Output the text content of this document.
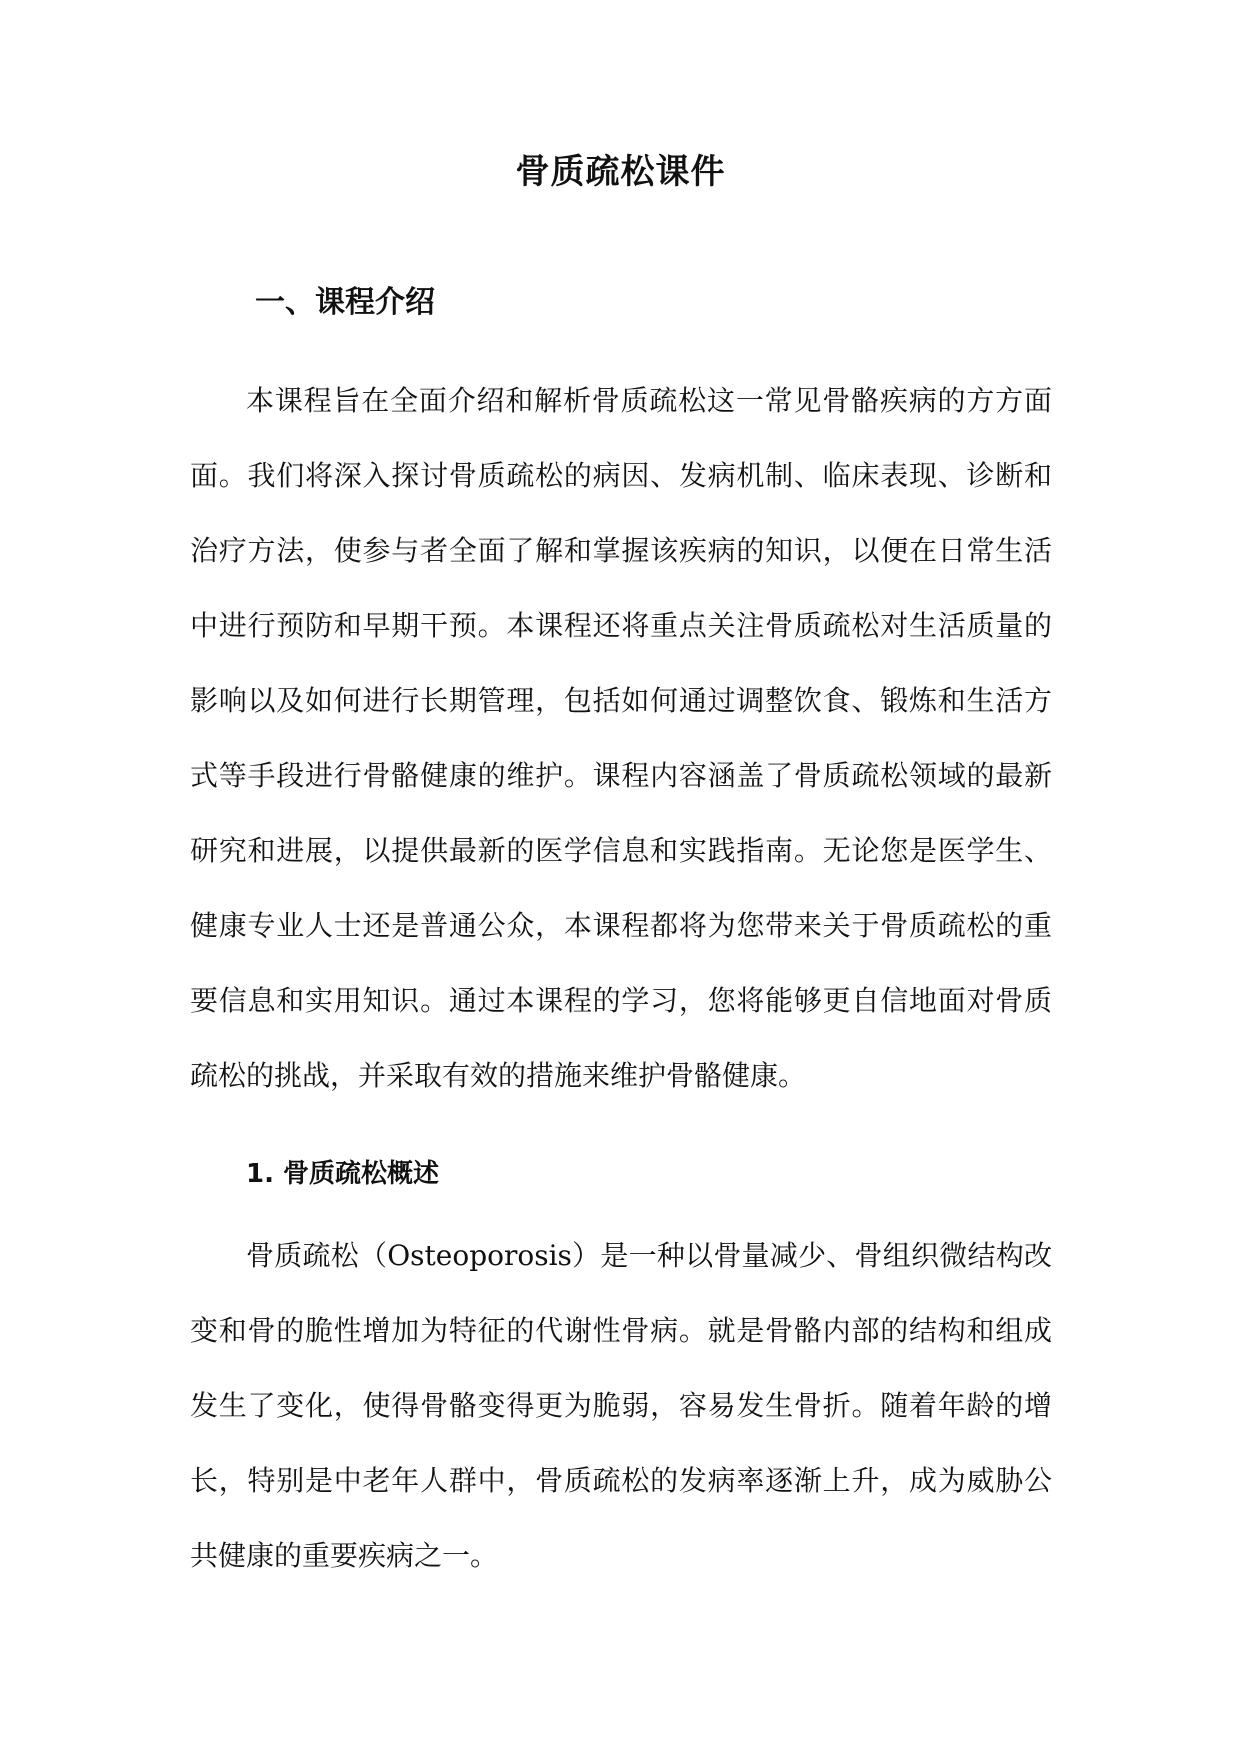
骨质疏松课件
一、课程介绍

本课程旨在全面介绍和解析骨质疏松这一常见骨骼疾病的方方面面。我们将深入探讨骨质疏松的病因、发病机制、临床表现、诊断和治疗方法，使参与者全面了解和掌握该疾病的知识，以便在日常生活中进行预防和早期干预。本课程还将重点关注骨质疏松对生活质量的影响以及如何进行长期管理，包括如何通过调整饮食、锻炼和生活方式等手段进行骨骼健康的维护。课程内容涵盖了骨质疏松领域的最新研究和进展，以提供最新的医学信息和实践指南。无论您是医学生、健康专业人士还是普通公众，本课程都将为您带来关于骨质疏松的重要信息和实用知识。通过本课程的学习，您将能够更自信地面对骨质疏松的挑战，并采取有效的措施来维护骨骼健康。

1. 骨质疏松概述

骨质疏松（Osteoporosis）是一种以骨量减少、骨组织微结构改变和骨的脆性增加为特征的代谢性骨病。就是骨骼内部的结构和组成发生了变化，使得骨骼变得更为脆弱，容易发生骨折。随着年龄的增长，特别是中老年人群中，骨质疏松的发病率逐渐上升，成为威胁公共健康的重要疾病之一。
